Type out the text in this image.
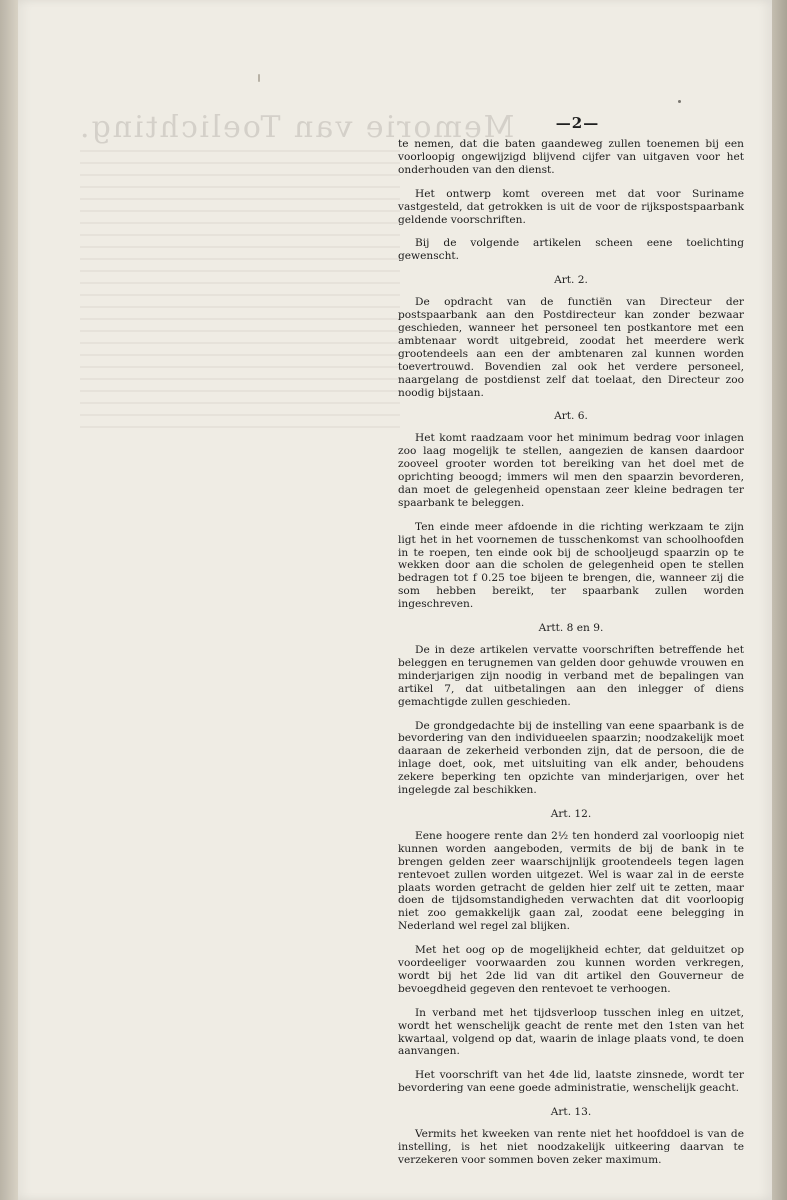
Memorie van Toelichting.	—2—

te nemen, dat die baten gaandeweg zullen toenemen bij een voorloopig ongewijzigd blijvend cijfer van uitgaven voor het onderhouden van den dienst.

Het ontwerp komt overeen met dat voor Suriname vastgesteld, dat getrokken is uit de voor de rijkspostspaarbank geldende voorschriften.

Bij de volgende artikelen scheen eene toelichting gewenscht.

Art. 2.

De opdracht van de functiën van Directeur der postspaarbank aan den Postdirecteur kan zonder bezwaar geschieden, wanneer het personeel ten postkantore met een ambtenaar wordt uitgebreid, zoodat het meerdere werk grootendeels aan een der ambtenaren zal kunnen worden toevertrouwd. Bovendien zal ook het verdere personeel, naargelang de postdienst zelf dat toelaat, den Directeur zoo noodig bijstaan.

Art. 6.

Het komt raadzaam voor het minimum bedrag voor inlagen zoo laag mogelijk te stellen, aangezien de kansen daardoor zooveel grooter worden tot bereiking van het doel met de oprichting beoogd; immers wil men den spaarzin bevorderen, dan moet de gelegenheid openstaan zeer kleine bedragen ter spaarbank te beleggen.

Ten einde meer afdoende in die richting werkzaam te zijn ligt het in het voornemen de tusschenkomst van schoolhoofden in te roepen, ten einde ook bij de schooljeugd spaarzin op te wekken door aan die scholen de gelegenheid open te stellen bedragen tot f 0.25 toe bijeen te brengen, die, wanneer zij die som hebben bereikt, ter spaarbank zullen worden ingeschreven.

Artt. 8 en 9.

De in deze artikelen vervatte voorschriften betreffende het beleggen en terugnemen van gelden door gehuwde vrouwen en minderjarigen zijn noodig in verband met de bepalingen van artikel 7, dat uitbetalingen aan den inlegger of diens gemachtigde zullen geschieden.

De grondgedachte bij de instelling van eene spaarbank is de bevordering van den individueelen spaarzin; noodzakelijk moet daaraan de zekerheid verbonden zijn, dat de persoon, die de inlage doet, ook, met uitsluiting van elk ander, behoudens zekere beperking ten opzichte van minderjarigen, over het ingelegde zal beschikken.

Art. 12.

Eene hoogere rente dan 2½ ten honderd zal voorloopig niet kunnen worden aangeboden, vermits de bij de bank in te brengen gelden zeer waarschijnlijk grootendeels tegen lagen rentevoet zullen worden uitgezet. Wel is waar zal in de eerste plaats worden getracht de gelden hier zelf uit te zetten, maar doen de tijdsomstandigheden verwachten dat dit voorloopig niet zoo gemakkelijk gaan zal, zoodat eene belegging in Nederland wel regel zal blijken.

Met het oog op de mogelijkheid echter, dat gelduitzet op voordeeliger voorwaarden zou kunnen worden verkregen, wordt bij het 2de lid van dit artikel den Gouverneur de bevoegdheid gegeven den rentevoet te verhoogen.

In verband met het tijdsverloop tusschen inleg en uitzet, wordt het wenschelijk geacht de rente met den 1sten van het kwartaal, volgend op dat, waarin de inlage plaats vond, te doen aanvangen.

Het voorschrift van het 4de lid, laatste zinsnede, wordt ter bevordering van eene goede administratie, wenschelijk geacht.

Art. 13.

Vermits het kweeken van rente niet het hoofddoel is van de instelling, is het niet noodzakelijk uitkeering daarvan te verzekeren voor sommen boven zeker maximum.
